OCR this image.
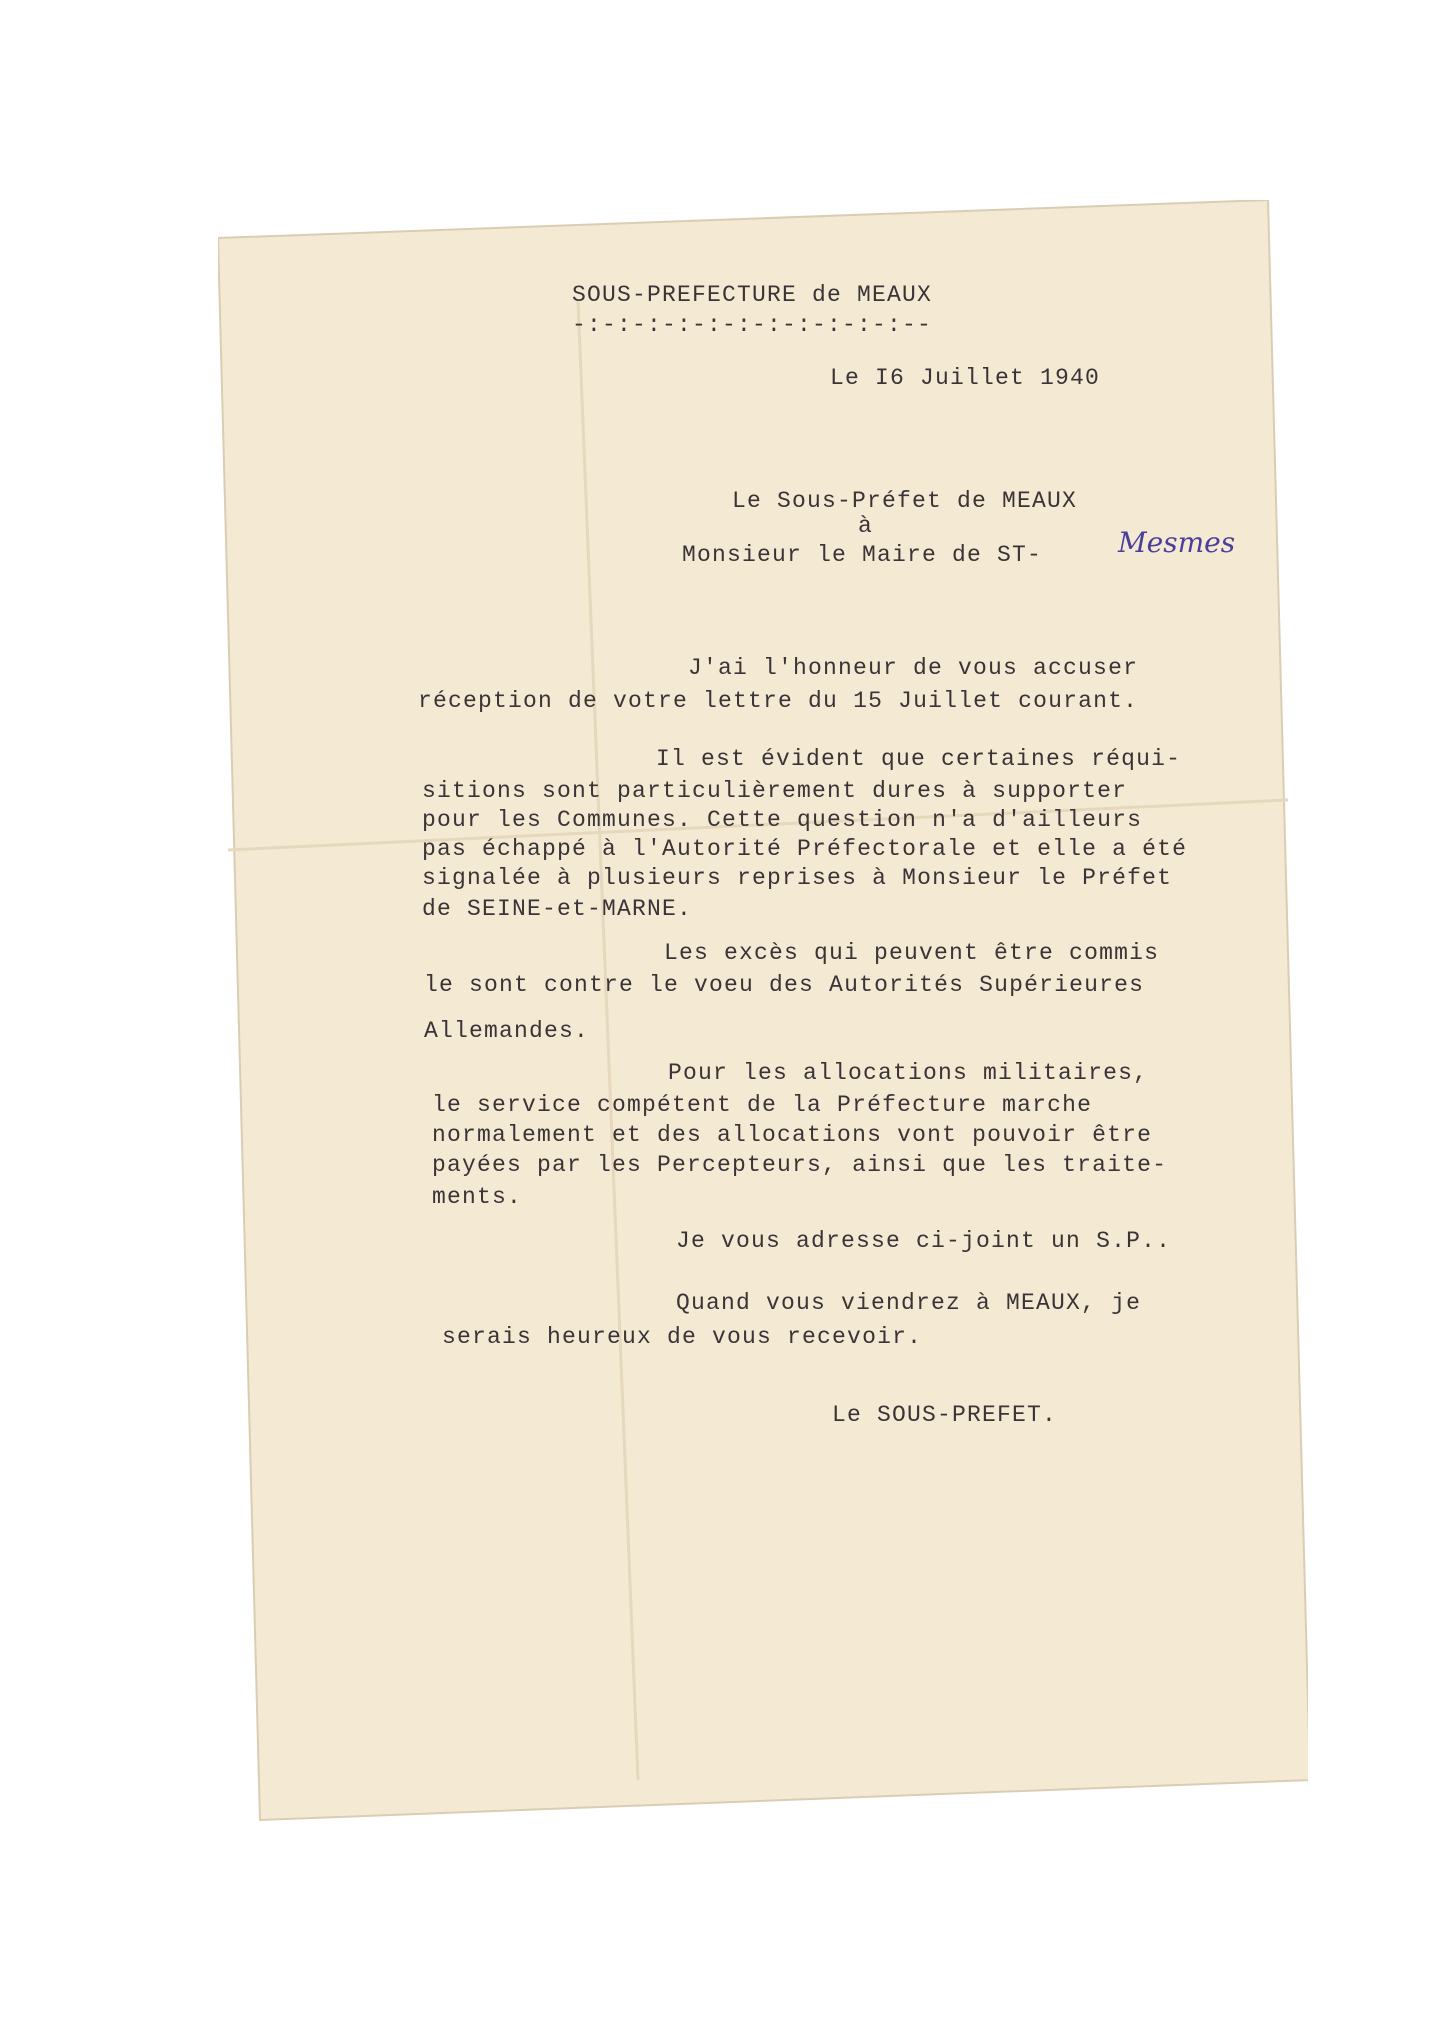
SOUS-PREFECTURE de MEAUX
-:-:-:-:-:-:-:-:-:-:-:--
Le I6 Juillet 1940
Le Sous-Préfet de MEAUX
à
Monsieur le Maire de ST-	Mesmes
J'ai l'honneur de vous accuser
réception de votre lettre du 15 Juillet courant.
Il est évident que certaines réqui-
sitions sont particulièrement dures à supporter
pour les Communes. Cette question n'a d'ailleurs
pas échappé à l'Autorité Préfectorale et elle a été
signalée à plusieurs reprises à Monsieur le Préfet
de SEINE-et-MARNE.
Les excès qui peuvent être commis
le sont contre le voeu des Autorités Supérieures
Allemandes.
Pour les allocations militaires,
le service compétent de la Préfecture marche
normalement et des allocations vont pouvoir être
payées par les Percepteurs, ainsi que les traite-
ments.
Je vous adresse ci-joint un S.P..
Quand vous viendrez à MEAUX, je
serais heureux de vous recevoir.
Le SOUS-PREFET.
